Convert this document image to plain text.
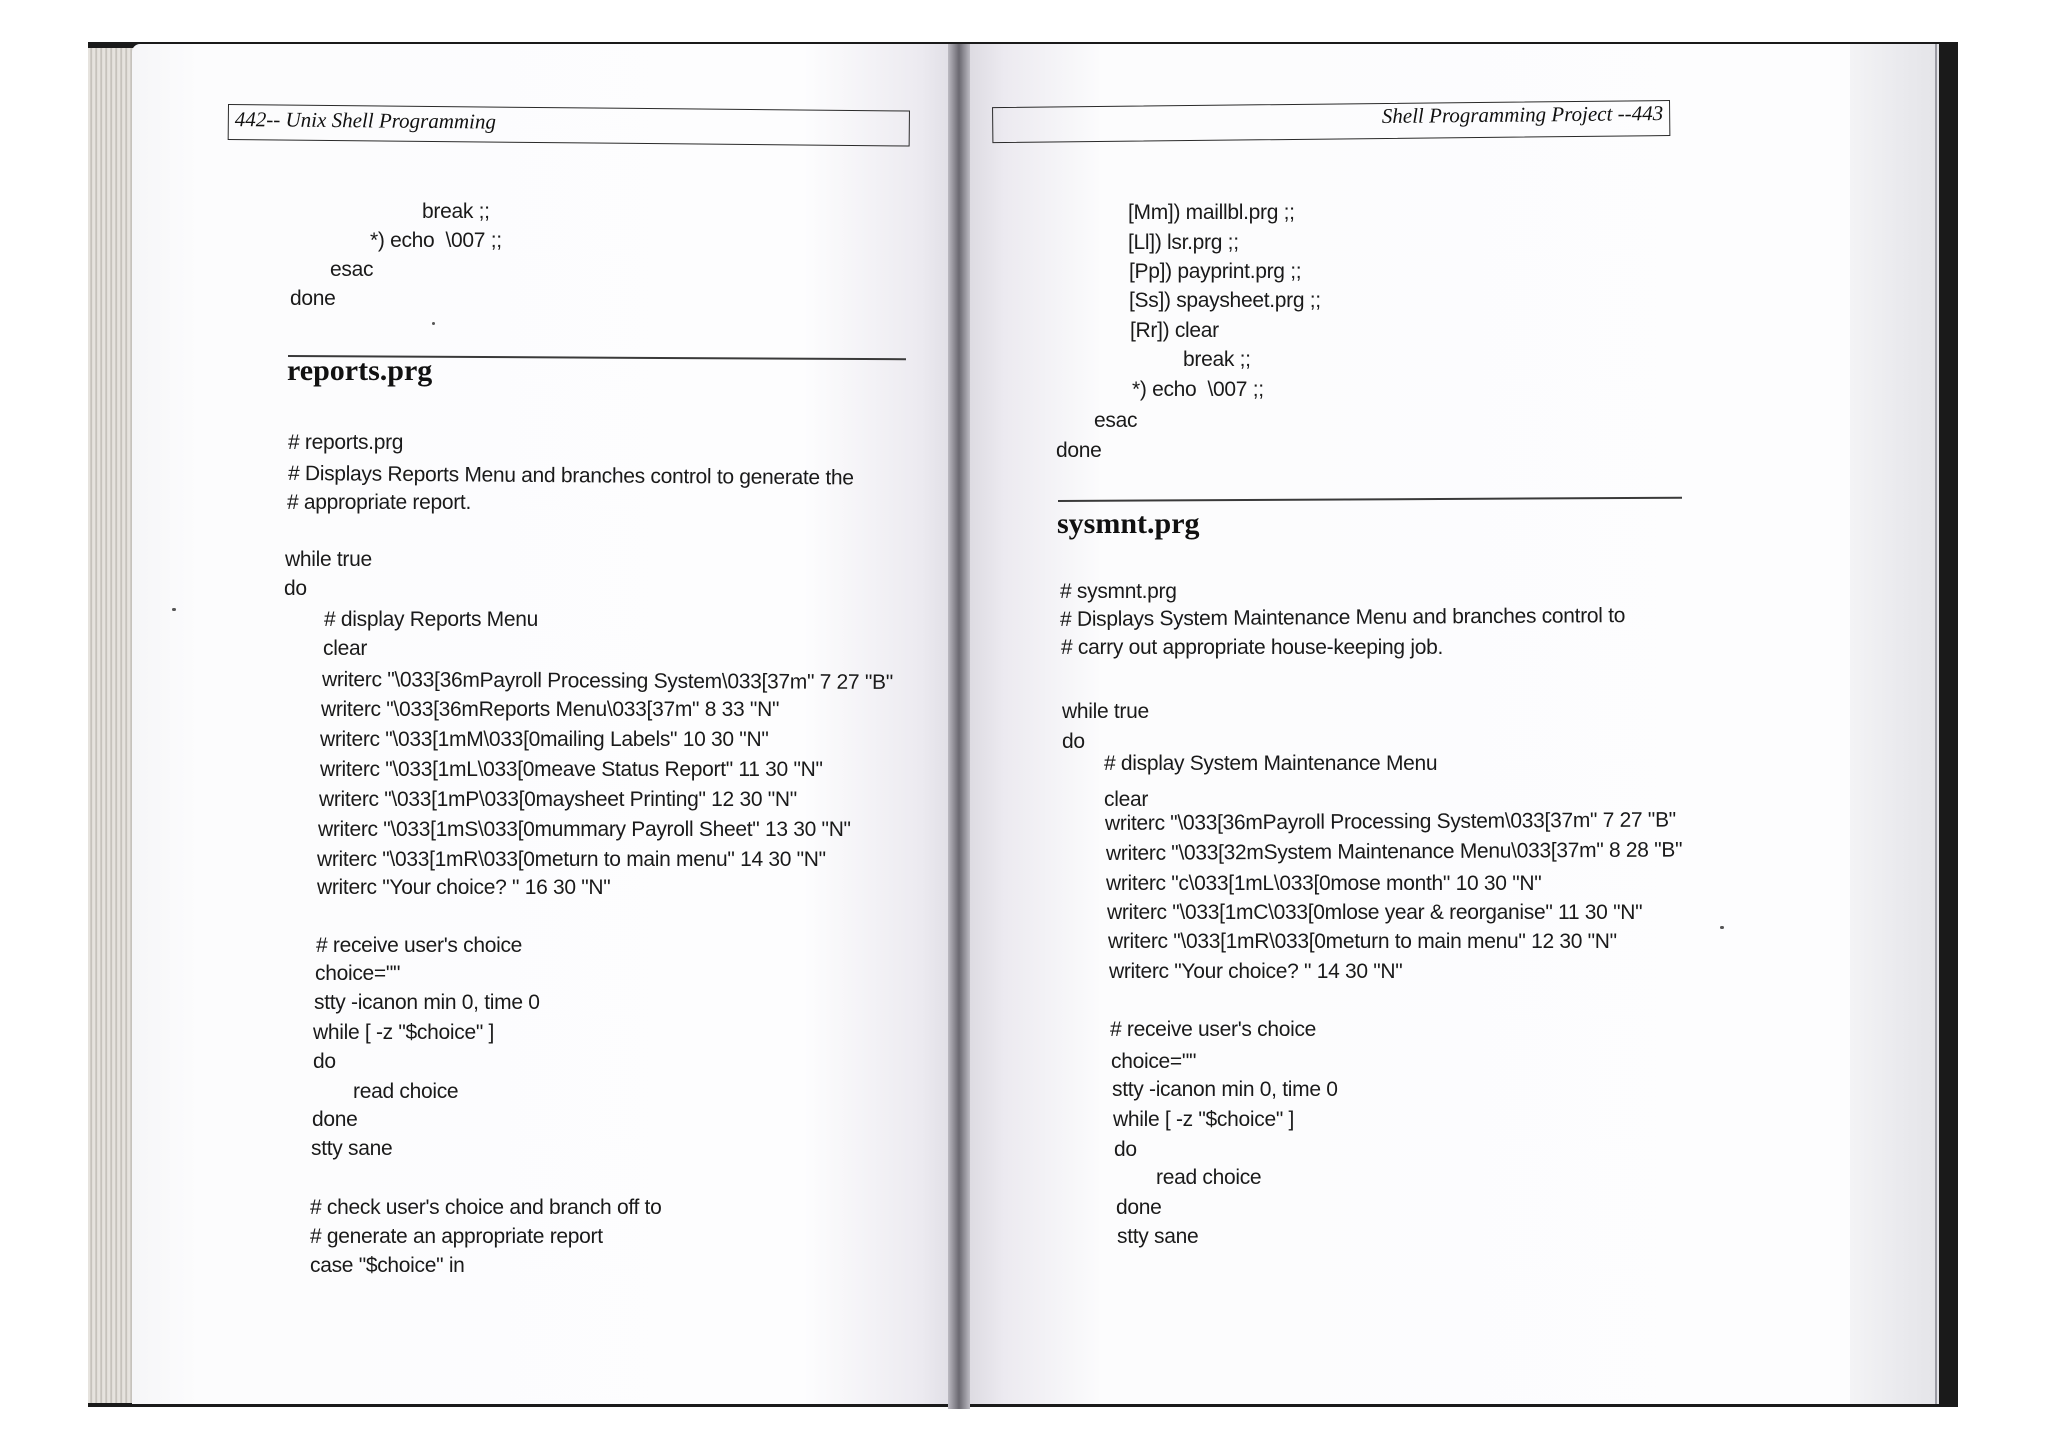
442-- Unix Shell Programming	Shell Programming Project --443
break ;;
*) echo  \007 ;;
esac
done
reports.prg
# reports.prg
# Displays Reports Menu and branches control to generate the
# appropriate report.
while true
do
# display Reports Menu
clear
writerc "\033[36mPayroll Processing System\033[37m" 7 27 "B"
writerc "\033[36mReports Menu\033[37m" 8 33 "N"
writerc "\033[1mM\033[0mailing Labels" 10 30 "N"
writerc "\033[1mL\033[0meave Status Report" 11 30 "N"
writerc "\033[1mP\033[0maysheet Printing" 12 30 "N"
writerc "\033[1mS\033[0mummary Payroll Sheet" 13 30 "N"
writerc "\033[1mR\033[0meturn to main menu" 14 30 "N"
writerc "Your choice? " 16 30 "N"
# receive user's choice
choice=""
stty -icanon min 0, time 0
while [ -z "$choice" ]
do
read choice
done
stty sane
# check user's choice and branch off to
# generate an appropriate report
case "$choice" in
[Mm]) maillbl.prg ;;
[Ll]) lsr.prg ;;
[Pp]) payprint.prg ;;
[Ss]) spaysheet.prg ;;
[Rr]) clear
break ;;
*) echo  \007 ;;
esac
done
sysmnt.prg
# sysmnt.prg
# Displays System Maintenance Menu and branches control to
# carry out appropriate house-keeping job.
while true
do
# display System Maintenance Menu
clear
writerc "\033[36mPayroll Processing System\033[37m" 7 27 "B"
writerc "\033[32mSystem Maintenance Menu\033[37m" 8 28 "B"
writerc "c\033[1mL\033[0mose month" 10 30 "N"
writerc "\033[1mC\033[0mlose year & reorganise" 11 30 "N"
writerc "\033[1mR\033[0meturn to main menu" 12 30 "N"
writerc "Your choice? " 14 30 "N"
# receive user's choice
choice=""
stty -icanon min 0, time 0
while [ -z "$choice" ]
do
read choice
done
stty sane
